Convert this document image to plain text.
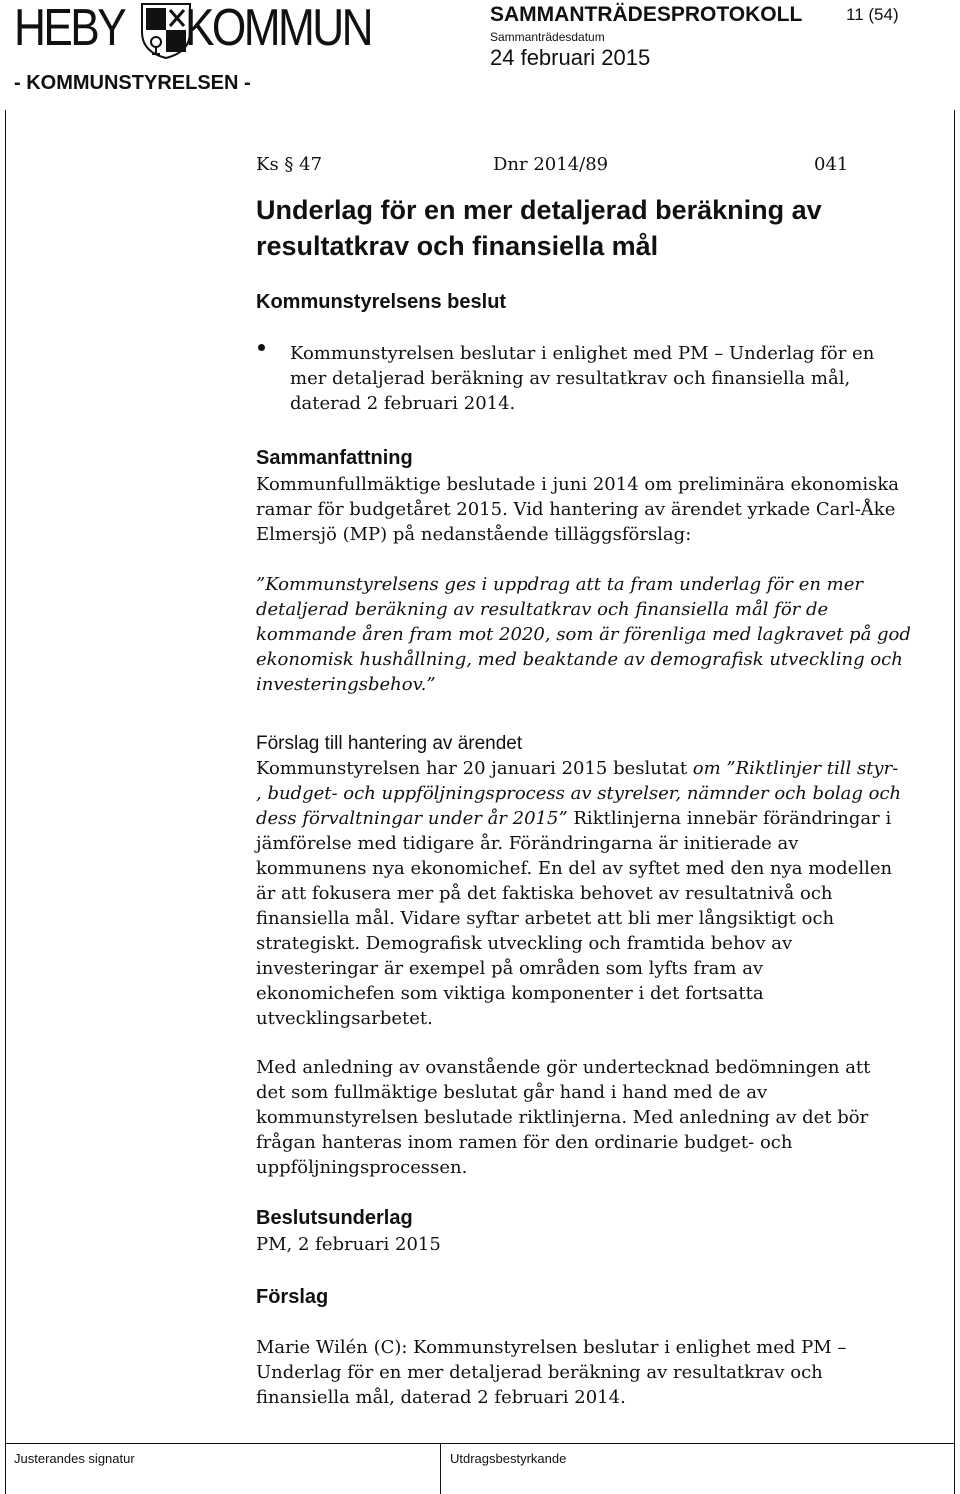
HEBY KOMMUN
- KOMMUNSTYRELSEN -
SAMMANTRÄDESPROTOKOLL	11 (54)
Sammanträdesdatum
24 februari 2015
Ks § 47	Dnr 2014/89	041
Underlag för en mer detaljerad beräkning av
resultatkrav och finansiella mål
Kommunstyrelsens beslut
Kommunstyrelsen beslutar i enlighet med PM – Underlag för en
mer detaljerad beräkning av resultatkrav och finansiella mål,
daterad 2 februari 2014.
Sammanfattning
Kommunfullmäktige beslutade i juni 2014 om preliminära ekonomiska
ramar för budgetåret 2015. Vid hantering av ärendet yrkade Carl-Åke
Elmersjö (MP) på nedanstående tilläggsförslag:
”Kommunstyrelsens ges i uppdrag att ta fram underlag för en mer
detaljerad beräkning av resultatkrav och finansiella mål för de
kommande åren fram mot 2020, som är förenliga med lagkravet på god
ekonomisk hushållning, med beaktande av demografisk utveckling och
investeringsbehov.”
Förslag till hantering av ärendet
Kommunstyrelsen har 20 januari 2015 beslutat om ”Riktlinjer till styr-
, budget- och uppföljningsprocess av styrelser, nämnder och bolag och
dess förvaltningar under år 2015” Riktlinjerna innebär förändringar i
jämförelse med tidigare år. Förändringarna är initierade av
kommunens nya ekonomichef. En del av syftet med den nya modellen
är att fokusera mer på det faktiska behovet av resultatnivå och
finansiella mål. Vidare syftar arbetet att bli mer långsiktigt och
strategiskt. Demografisk utveckling och framtida behov av
investeringar är exempel på områden som lyfts fram av
ekonomichefen som viktiga komponenter i det fortsatta
utvecklingsarbetet.
Med anledning av ovanstående gör undertecknad bedömningen att
det som fullmäktige beslutat går hand i hand med de av
kommunstyrelsen beslutade riktlinjerna. Med anledning av det bör
frågan hanteras inom ramen för den ordinarie budget- och
uppföljningsprocessen.
Beslutsunderlag
PM, 2 februari 2015
Förslag
Marie Wilén (C): Kommunstyrelsen beslutar i enlighet med PM –
Underlag för en mer detaljerad beräkning av resultatkrav och
finansiella mål, daterad 2 februari 2014.
Justerandes signatur	Utdragsbestyrkande
